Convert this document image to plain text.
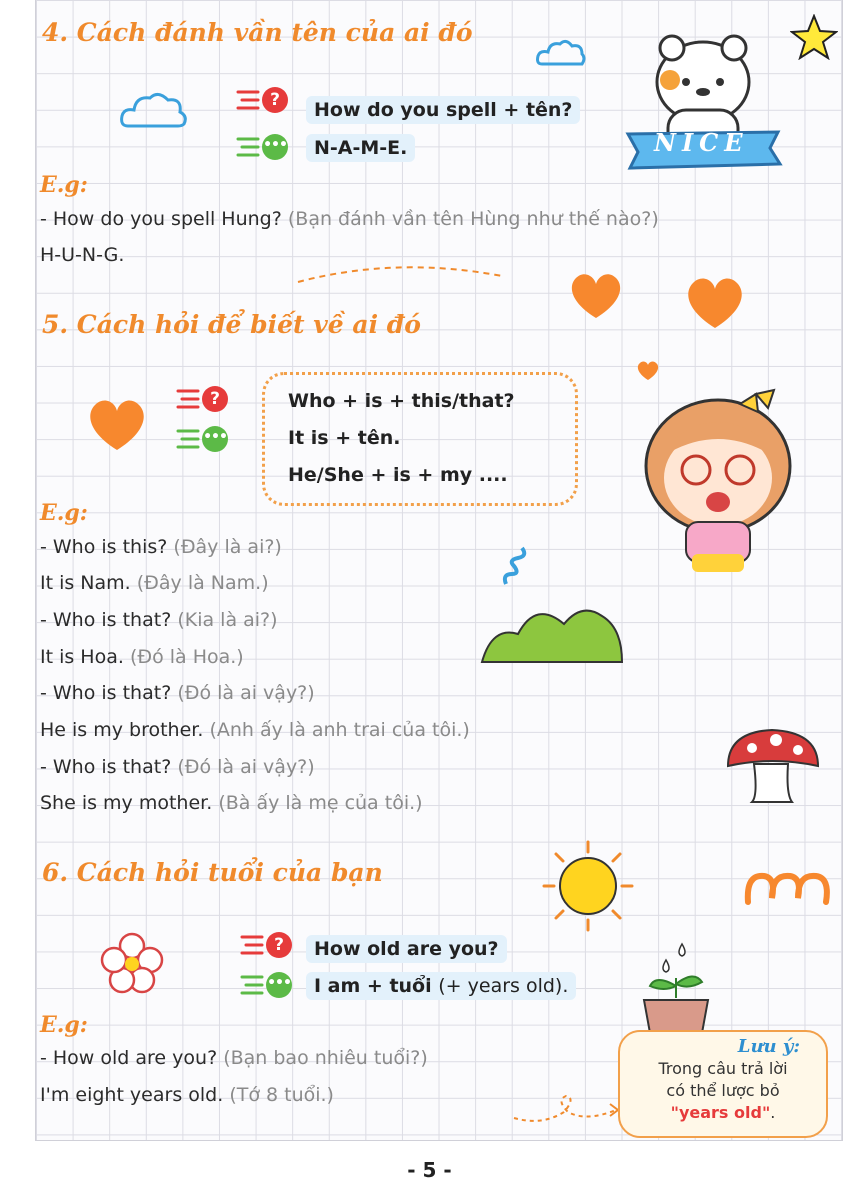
NICE
4. Cách đánh vần tên của ai đó
?	How do you spell + tên?
•••	N-A-M-E.
E.g:
- How do you spell Hung? (Bạn đánh vần tên Hùng như thế nào?)
H-U-N-G.
5. Cách hỏi để biết về ai đó
?
•••
Who + is + this/that?
It is + tên.
He/She + is + my ....
E.g:
- Who is this? (Đây là ai?)
It is Nam. (Đây là Nam.)
- Who is that? (Kia là ai?)
It is Hoa. (Đó là Hoa.)
- Who is that? (Đó là ai vậy?)
He is my brother. (Anh ấy là anh trai của tôi.)
- Who is that? (Đó là ai vậy?)
She is my mother. (Bà ấy là mẹ của tôi.)
6. Cách hỏi tuổi của bạn
?	How old are you?
•••	I am + tuổi (+ years old).
E.g:
- How old are you? (Bạn bao nhiêu tuổi?)
I'm eight years old. (Tớ 8 tuổi.)
Lưu ý:
Trong câu trả lời
có thể lược bỏ
"years old".
- 5 -
